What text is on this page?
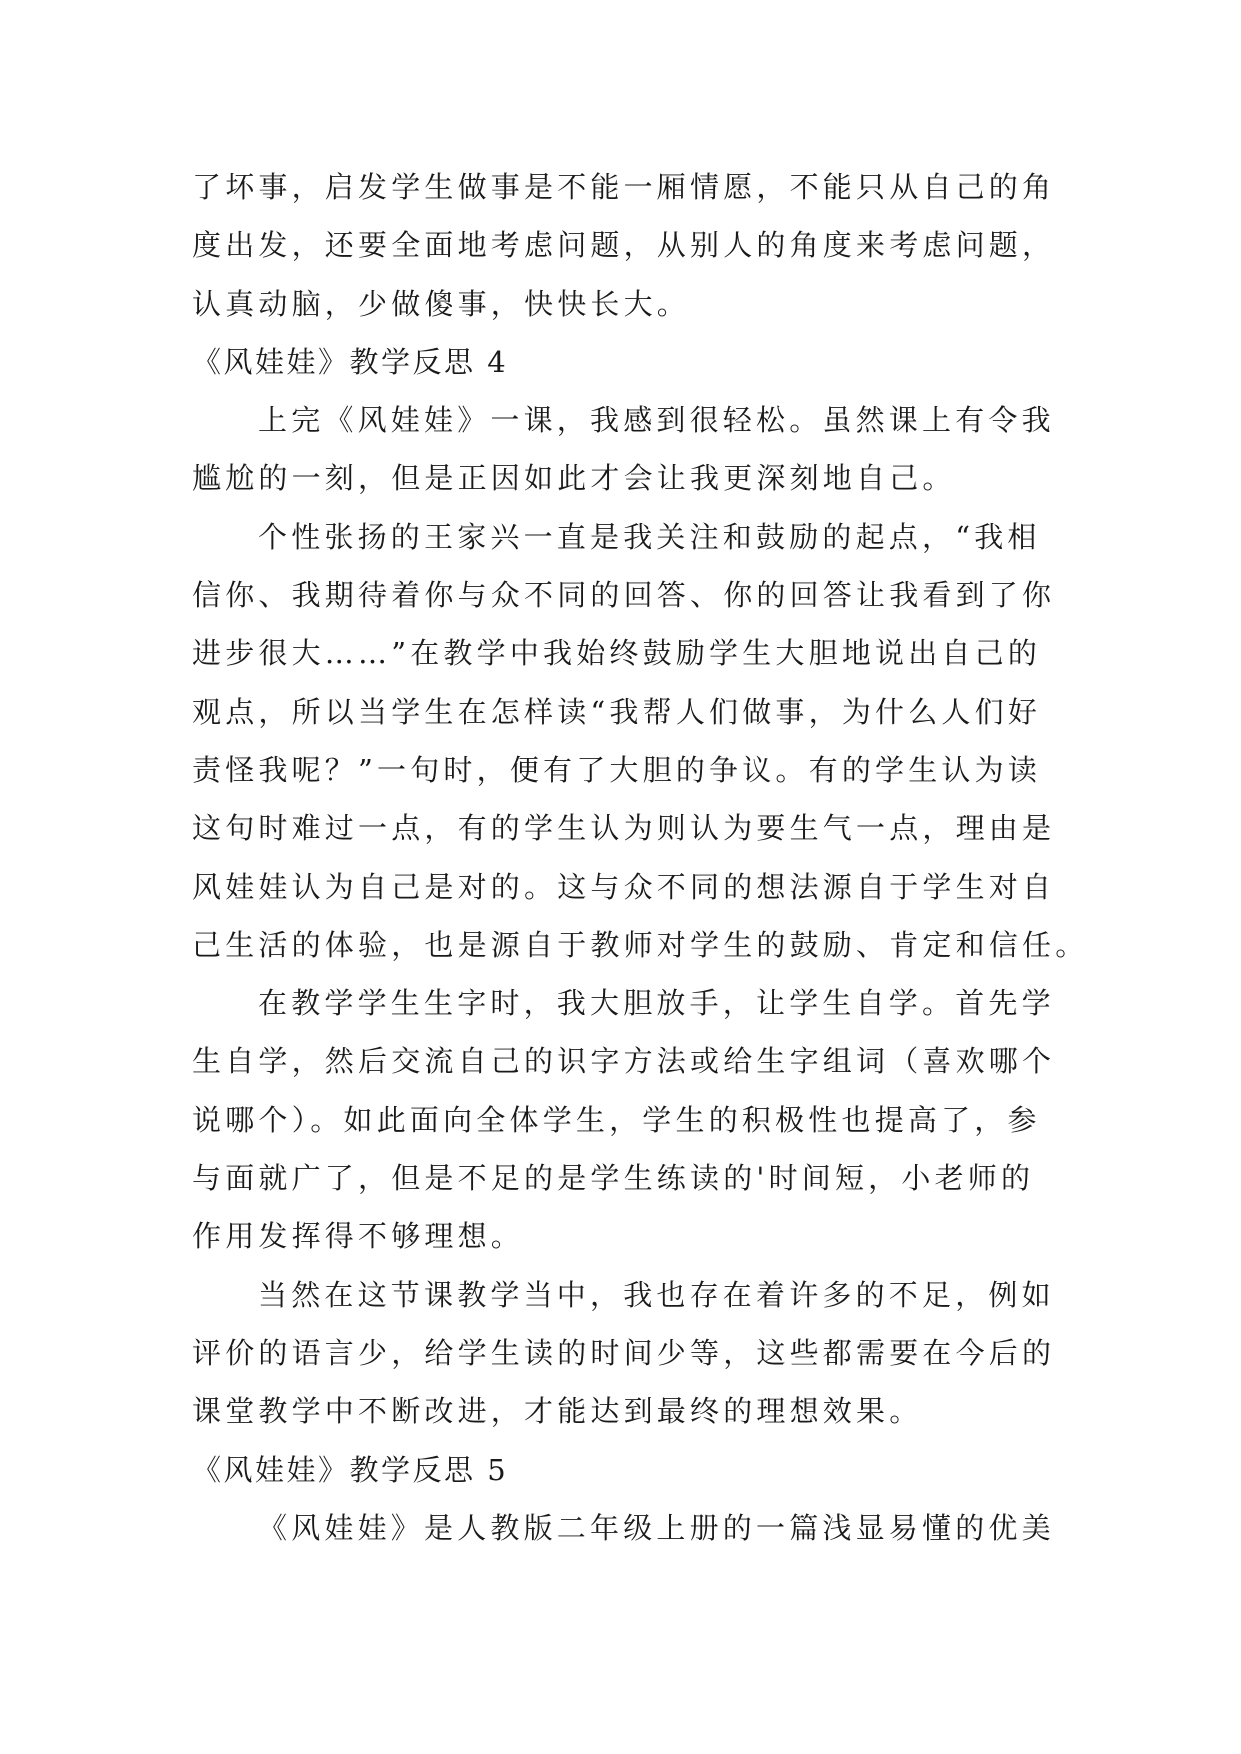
了坏事，启发学生做事是不能一厢情愿，不能只从自己的角
度出发，还要全面地考虑问题，从别人的角度来考虑问题，
认真动脑，少做傻事，快快长大。
《风娃娃》教学反思 4
上完《风娃娃》一课，我感到很轻松。虽然课上有令我
尴尬的一刻，但是正因如此才会让我更深刻地自己。
个性张扬的王家兴一直是我关注和鼓励的起点，“我相
信你、我期待着你与众不同的回答、你的回答让我看到了你
进步很大……”在教学中我始终鼓励学生大胆地说出自己的
观点，所以当学生在怎样读“我帮人们做事，为什么人们好
责怪我呢？”一句时，便有了大胆的争议。有的学生认为读
这句时难过一点，有的学生认为则认为要生气一点，理由是
风娃娃认为自己是对的。这与众不同的想法源自于学生对自
己生活的体验，也是源自于教师对学生的鼓励、肯定和信任。
在教学学生生字时，我大胆放手，让学生自学。首先学
生自学，然后交流自己的识字方法或给生字组词（喜欢哪个
说哪个）。如此面向全体学生，学生的积极性也提高了，参
与面就广了，但是不足的是学生练读的'时间短，小老师的
作用发挥得不够理想。
当然在这节课教学当中，我也存在着许多的不足，例如
评价的语言少，给学生读的时间少等，这些都需要在今后的
课堂教学中不断改进，才能达到最终的理想效果。
《风娃娃》教学反思 5
《风娃娃》是人教版二年级上册的一篇浅显易懂的优美
